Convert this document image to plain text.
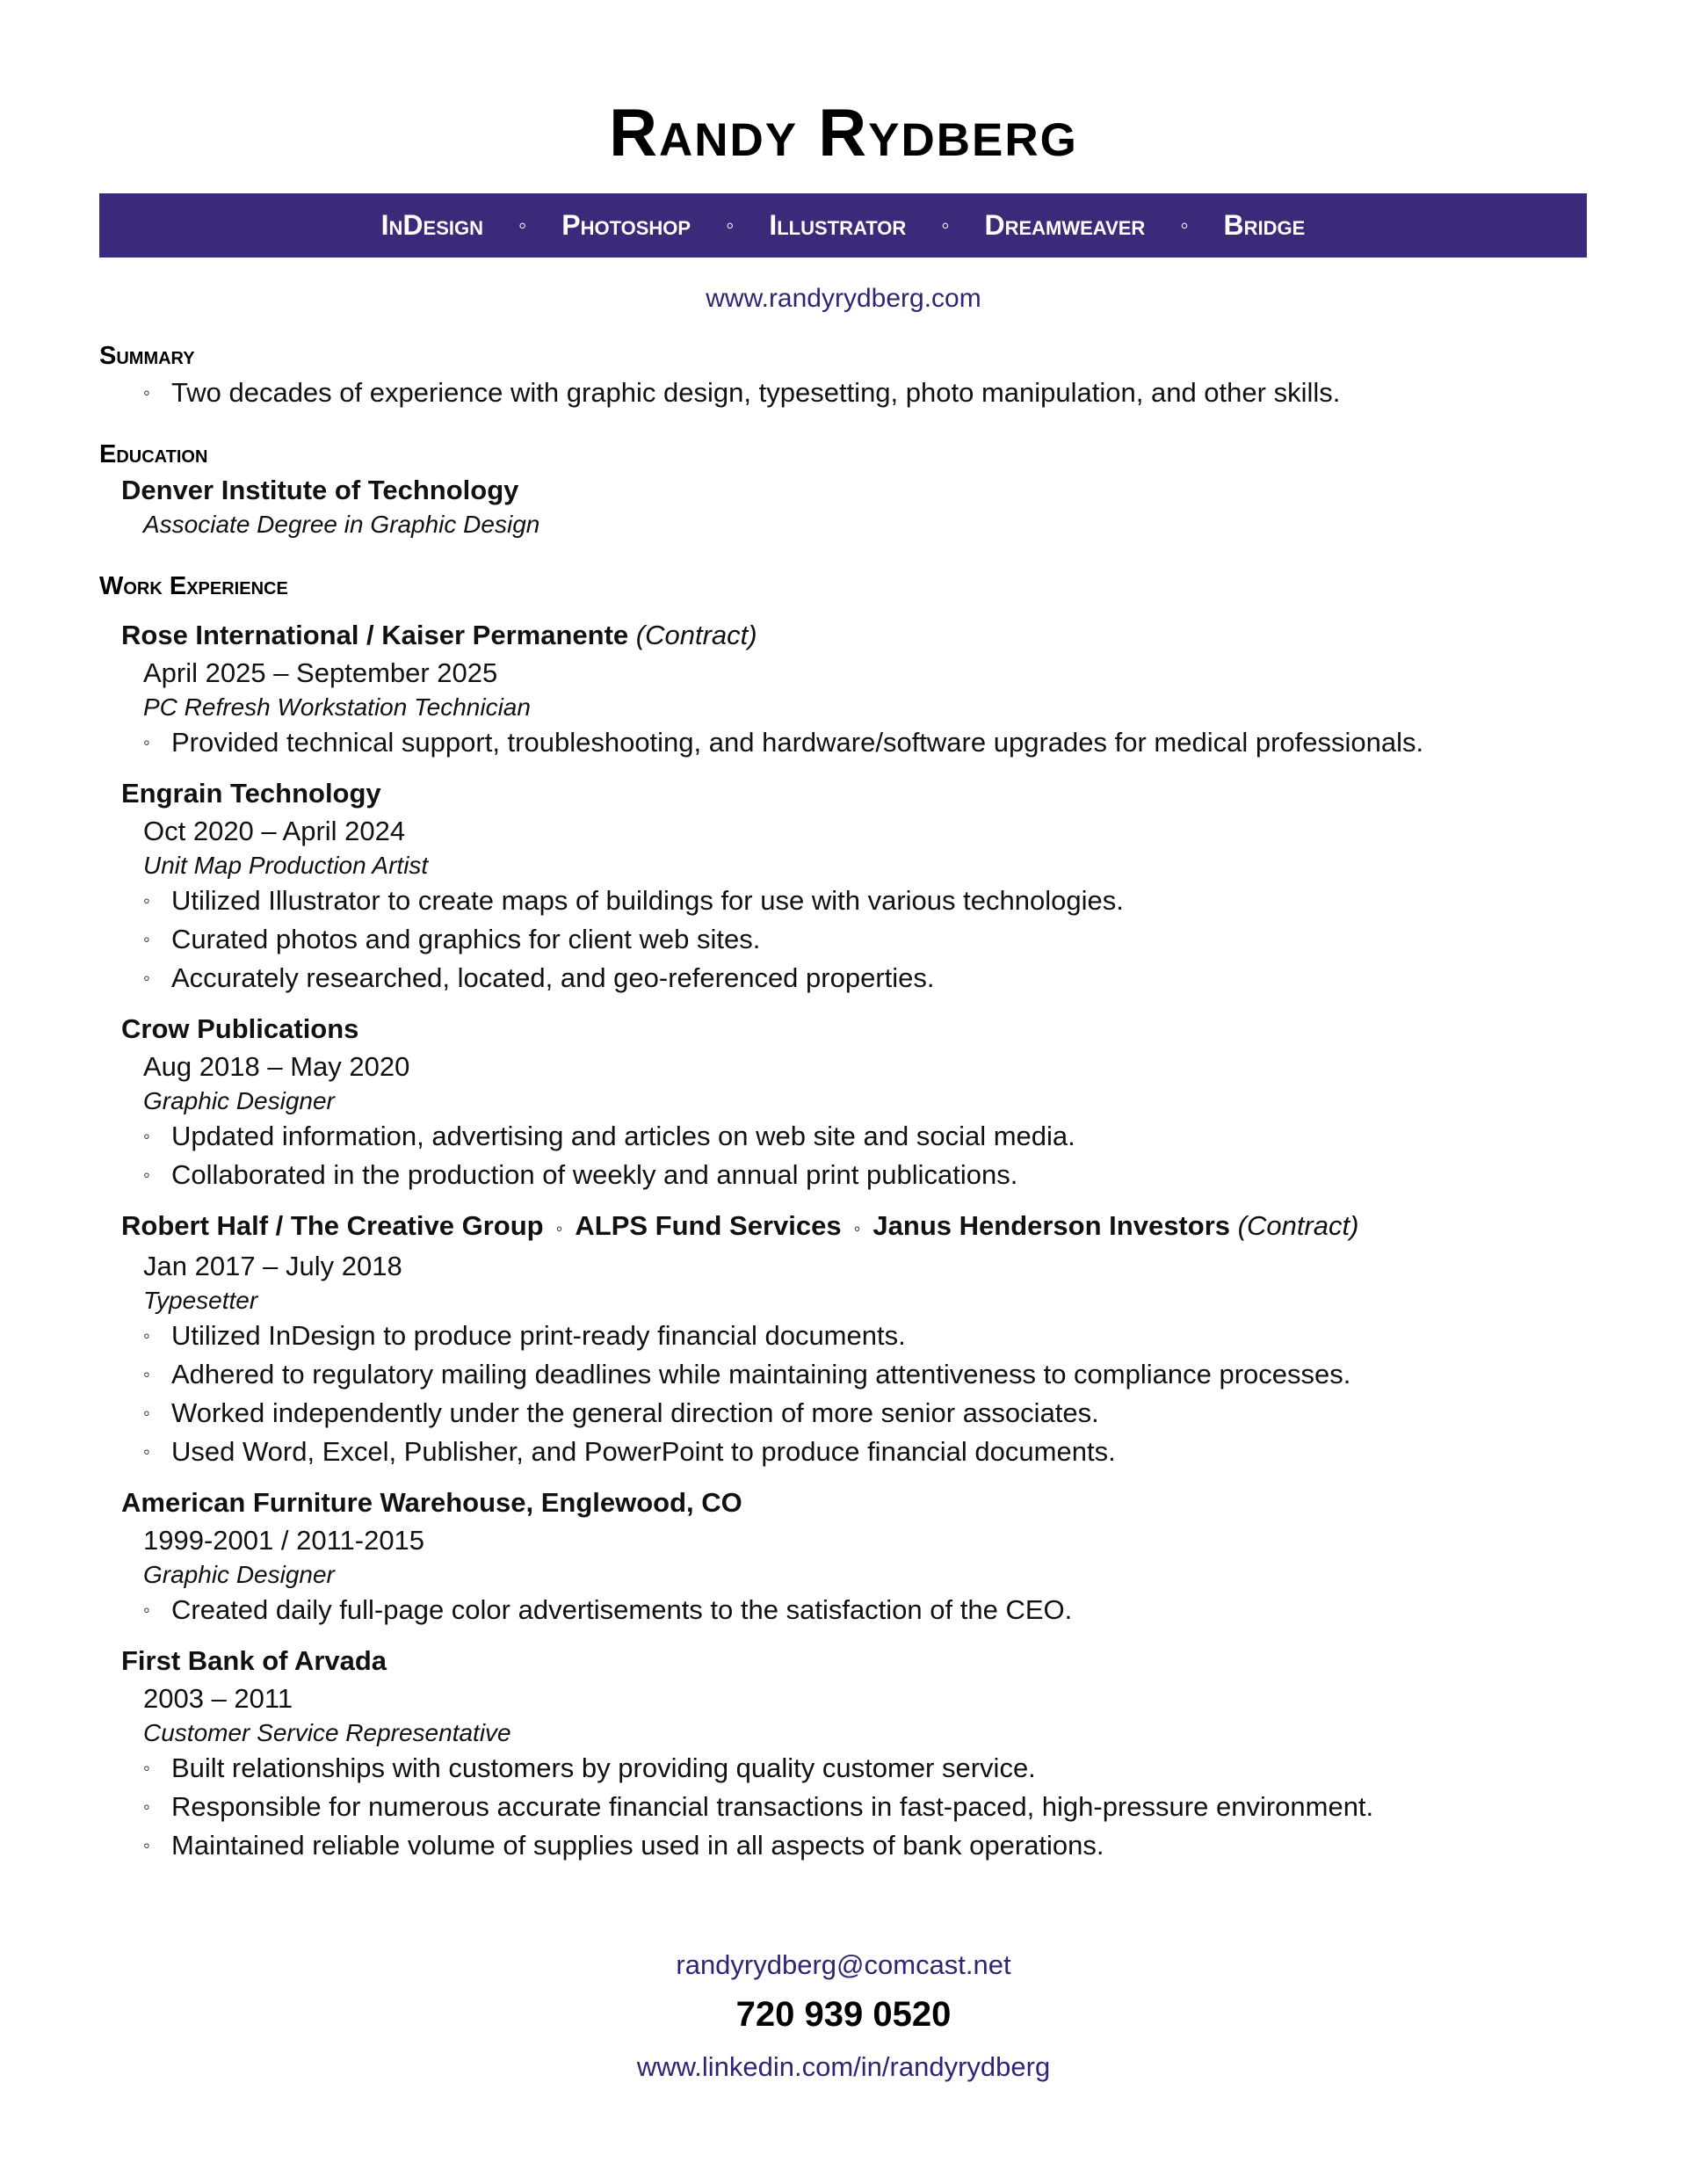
Randy Rydberg
InDesign ◦ Photoshop ◦ Illustrator ◦ Dreamweaver ◦ Bridge
www.randyrydberg.com
Summary
◦ Two decades of experience with graphic design, typesetting, photo manipulation, and other skills.
Education
Denver Institute of Technology
Associate Degree in Graphic Design
Work Experience
Rose International / Kaiser Permanente (Contract)
April 2025 – September 2025
PC Refresh Workstation Technician
◦ Provided technical support, troubleshooting, and hardware/software upgrades for medical professionals.
Engrain Technology
Oct 2020 – April 2024
Unit Map Production Artist
◦ Utilized Illustrator to create maps of buildings for use with various technologies.
◦ Curated photos and graphics for client web sites.
◦ Accurately researched, located, and geo-referenced properties.
Crow Publications
Aug 2018 – May 2020
Graphic Designer
◦ Updated information, advertising and articles on web site and social media.
◦ Collaborated in the production of weekly and annual print publications.
Robert Half / The Creative Group ◦ ALPS Fund Services ◦ Janus Henderson Investors (Contract)
Jan 2017 – July 2018
Typesetter
◦ Utilized InDesign to produce print-ready financial documents.
◦ Adhered to regulatory mailing deadlines while maintaining attentiveness to compliance processes.
◦ Worked independently under the general direction of more senior associates.
◦ Used Word, Excel, Publisher, and PowerPoint to produce financial documents.
American Furniture Warehouse, Englewood, CO
1999-2001 / 2011-2015
Graphic Designer
◦ Created daily full-page color advertisements to the satisfaction of the CEO.
First Bank of Arvada
2003 – 2011
Customer Service Representative
◦ Built relationships with customers by providing quality customer service.
◦ Responsible for numerous accurate financial transactions in fast-paced, high-pressure environment.
◦ Maintained reliable volume of supplies used in all aspects of bank operations.
randyrydberg@comcast.net
720 939 0520
www.linkedin.com/in/randyrydberg
